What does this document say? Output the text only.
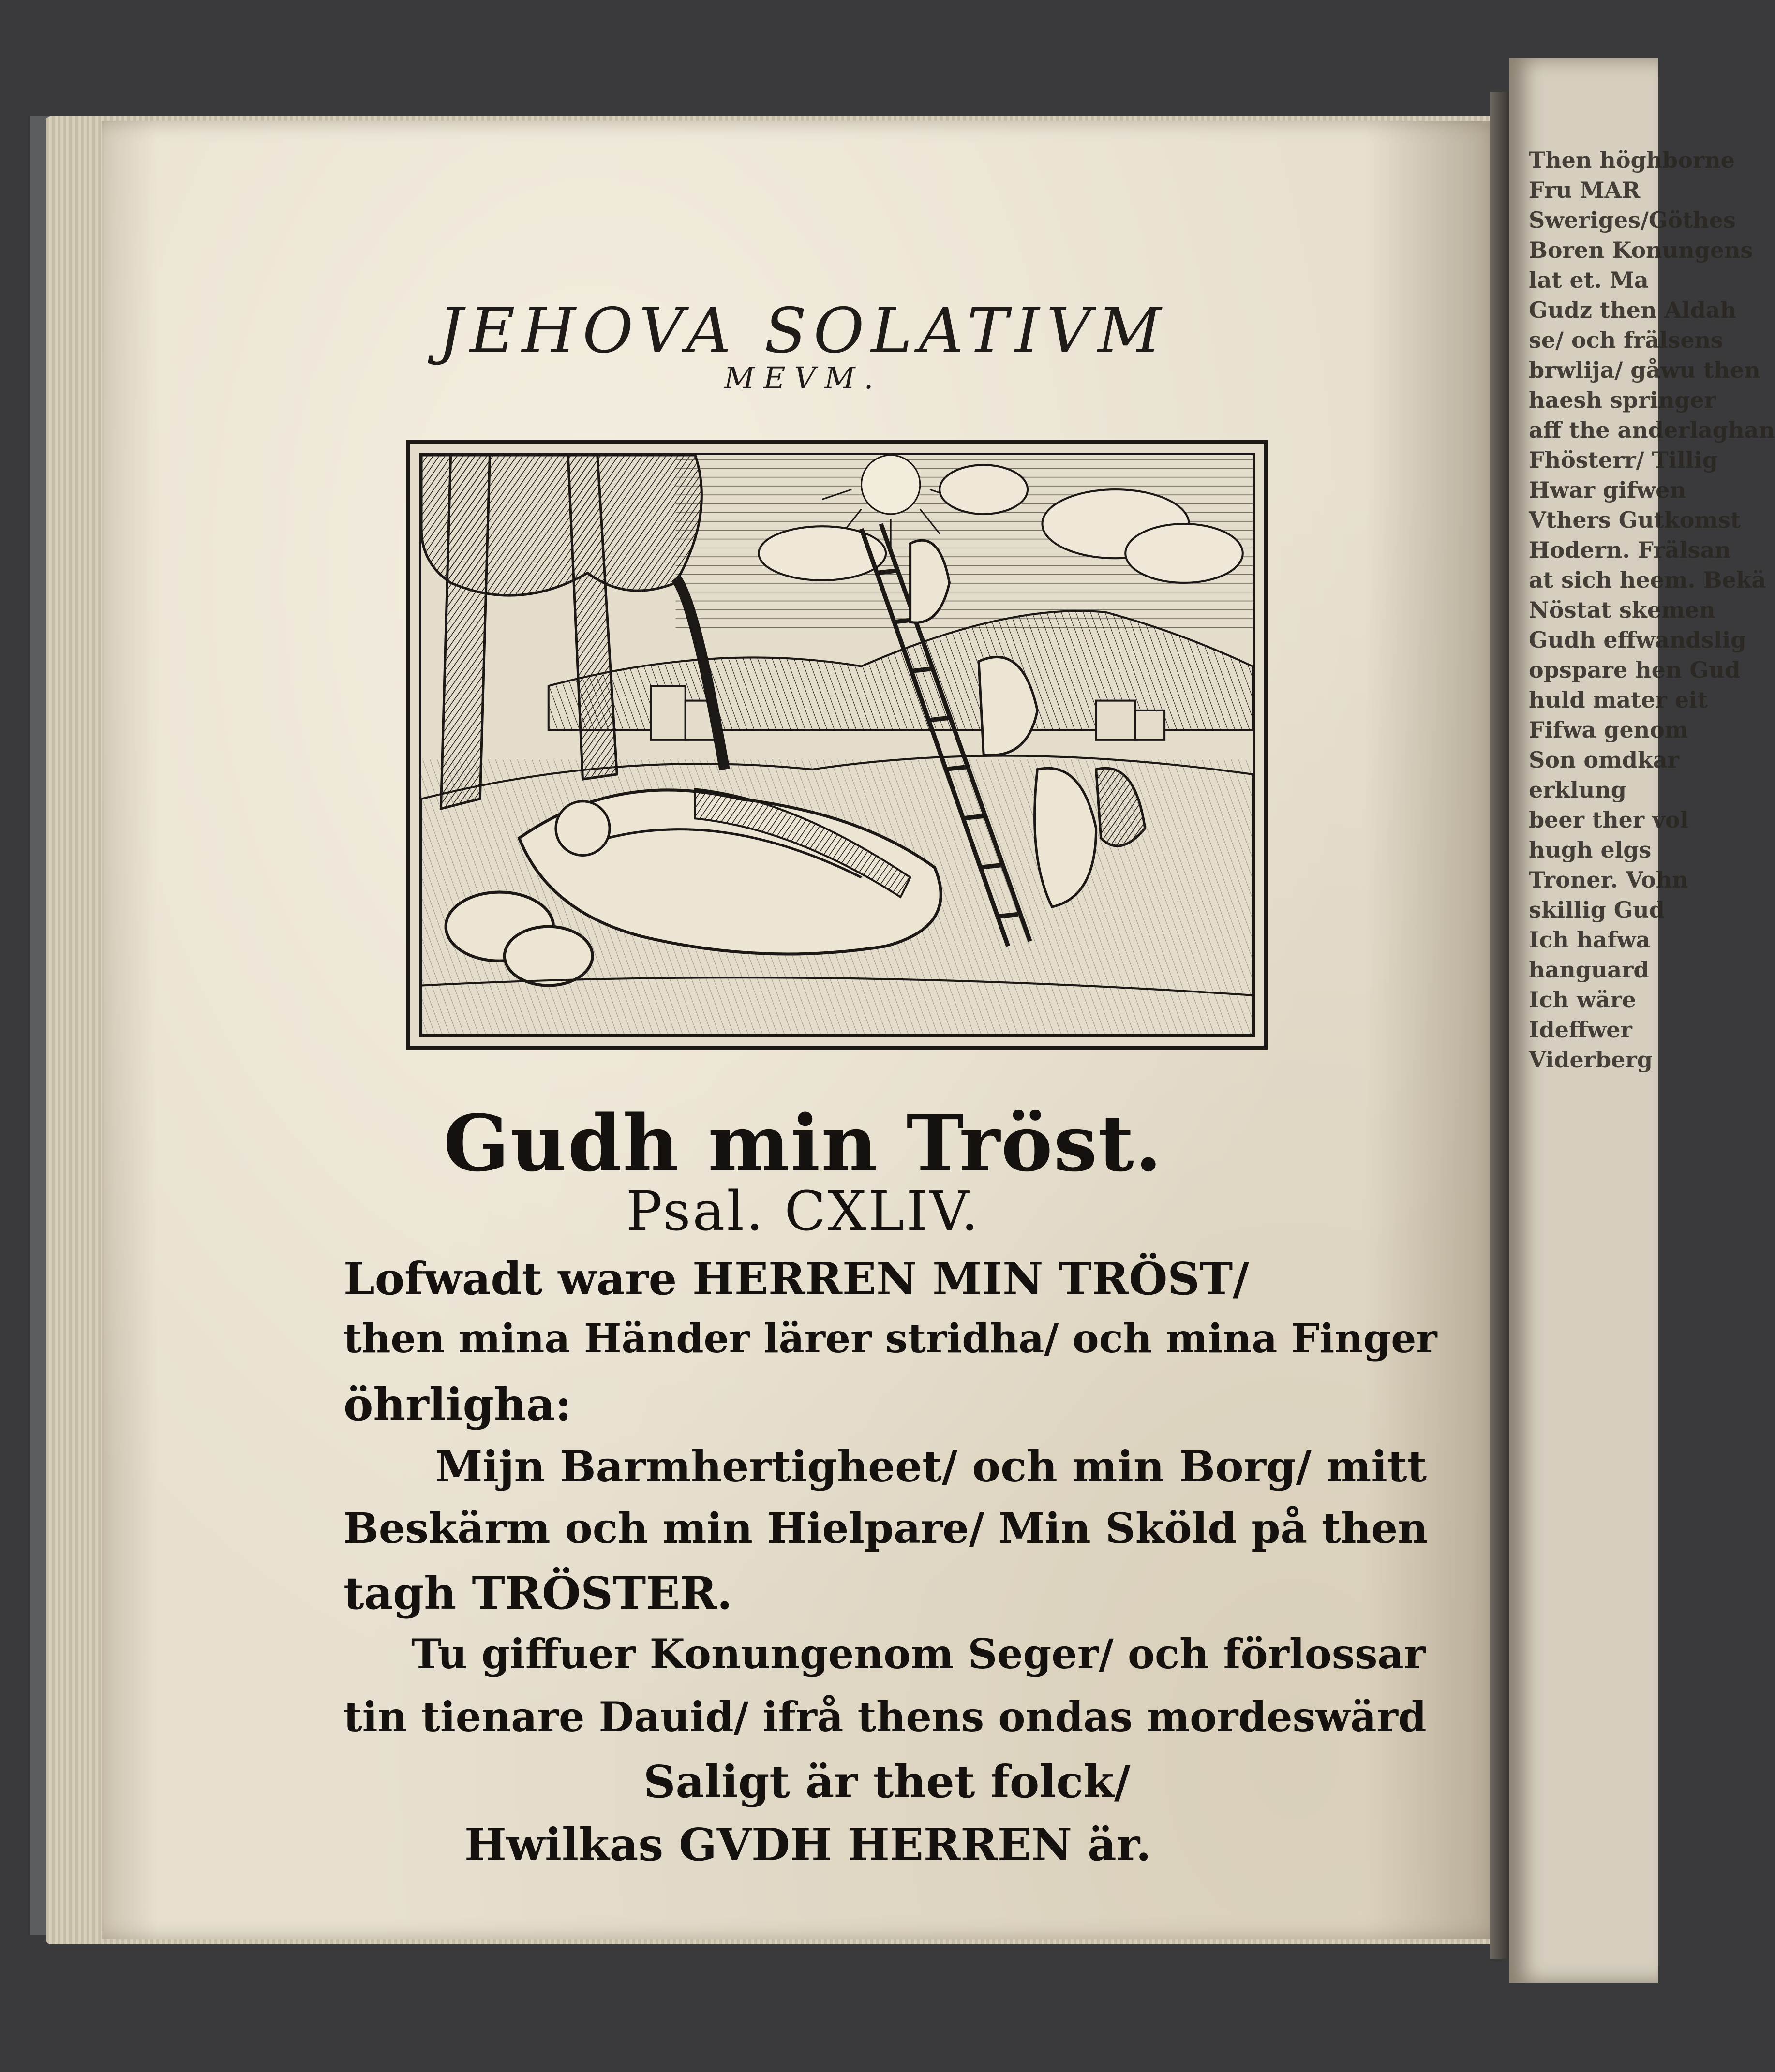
Then höghborne
Fru MAR
Sweriges/Göthes
Boren Konungens
lat et. Ma
Gudz then Aldah
se/ och frälsens
brwlija/ gåwu then
haesh springer
aff the anderlaghan
Fhösterr/ Tillig
Hwar gifwen
Vthers Gutkomst
Hodern. Frälsan
at sich heem. Bekä
Nöstat skemen
Gudh effwandslig
opspare hen Gud
huld mater eit
Fifwa genom
Son omdkar
erklung
beer ther vol
hugh elgs
Troner. Vohn
skillig Gud
Ich hafwa
hanguard
Ich wäre
Ideffwer
Viderberg
JEHOVA SOLATIVM
MEVM.
Gudh min Tröst.
Psal. CXLIV.
Lofwadt ware HERREN MIN TRÖST/
then mina Händer lärer stridha/ och mina Finger
öhrligha:
Mijn Barmhertigheet/ och min Borg/ mitt
Beskärm och min Hielpare/ Min Sköld på then
tagh TRÖSTER.
Tu giffuer Konungenom Seger/ och förlossar
tin tienare Dauid/ ifrå thens ondas mordeswärd
Saligt är thet folck/
Hwilkas GVDH HERREN är.
